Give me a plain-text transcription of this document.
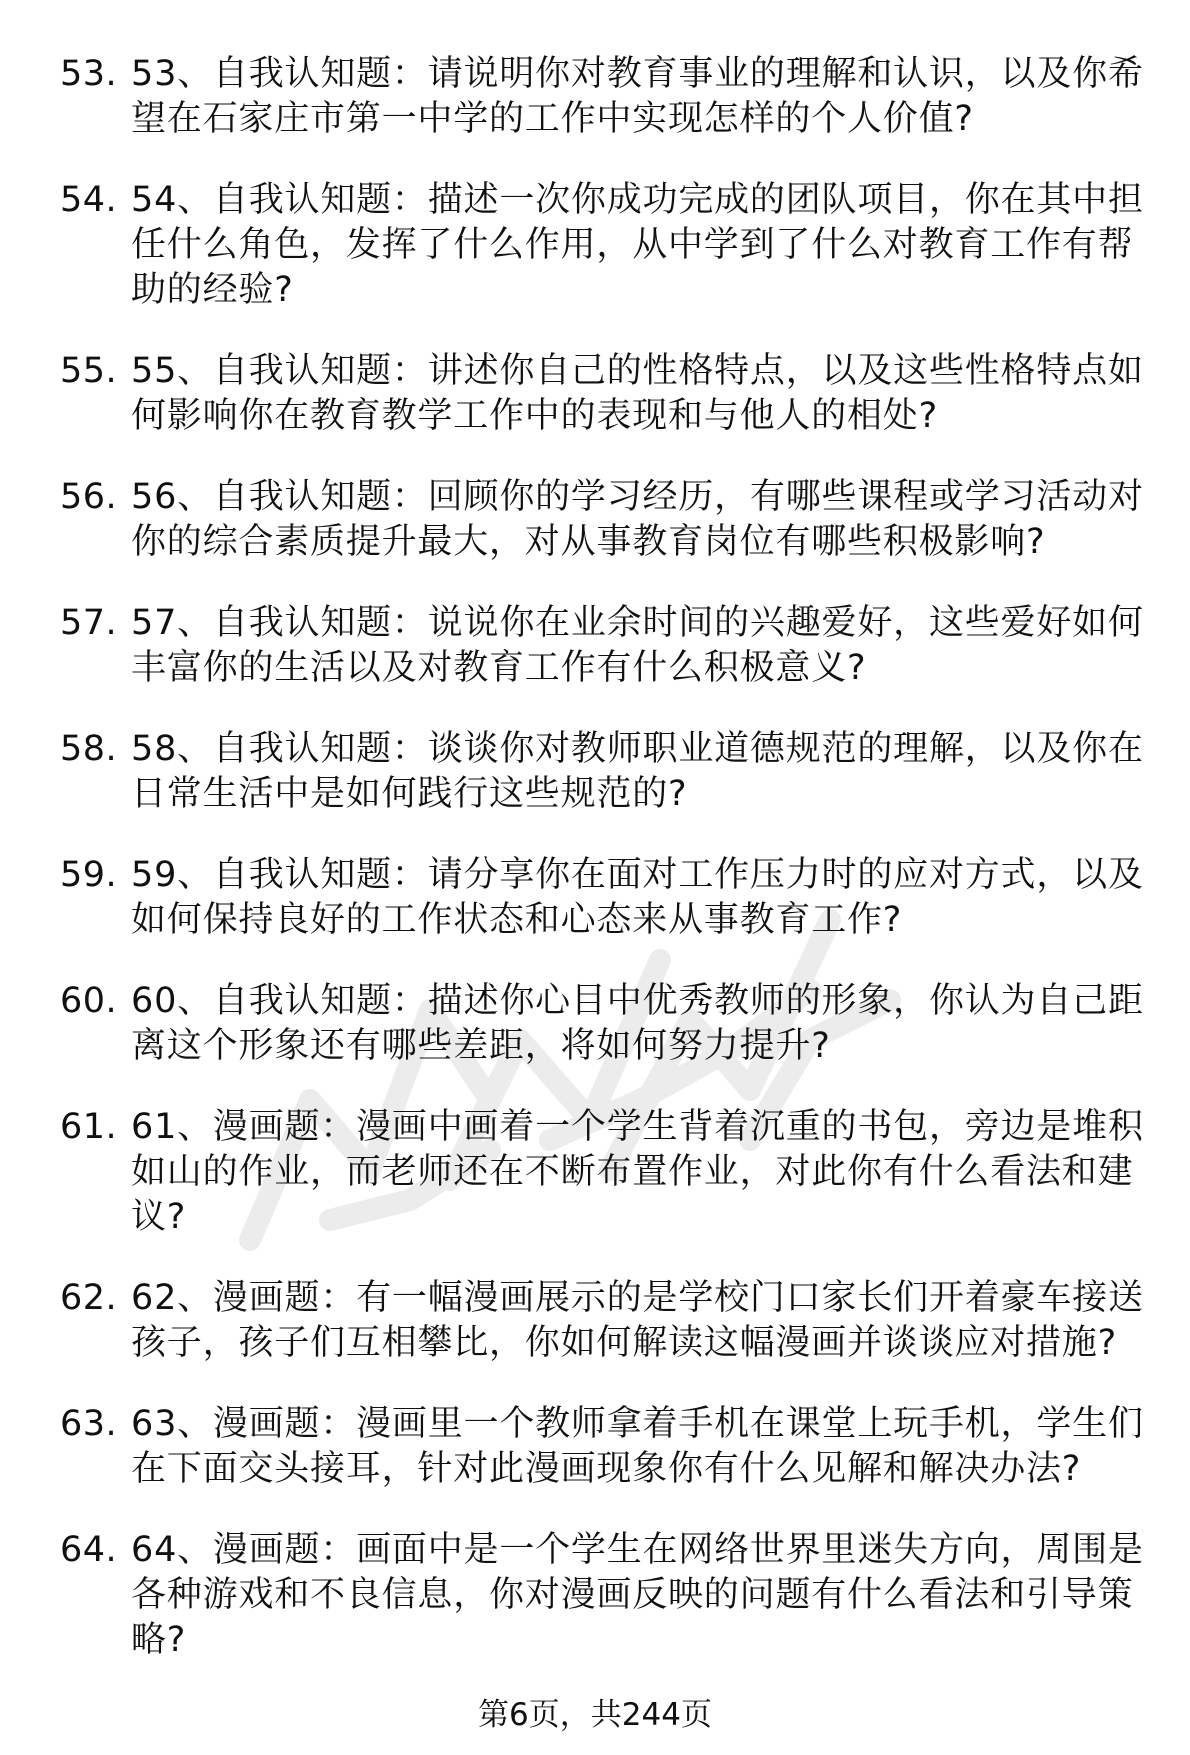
53. 53、自我认知题：请说明你对教育事业的理解和认识，以及你希望在石家庄市第一中学的工作中实现怎样的个人价值?
54. 54、自我认知题：描述一次你成功完成的团队项目，你在其中担任什么角色，发挥了什么作用，从中学到了什么对教育工作有帮助的经验?
55. 55、自我认知题：讲述你自己的性格特点，以及这些性格特点如何影响你在教育教学工作中的表现和与他人的相处?
56. 56、自我认知题：回顾你的学习经历，有哪些课程或学习活动对你的综合素质提升最大，对从事教育岗位有哪些积极影响?
57. 57、自我认知题：说说你在业余时间的兴趣爱好，这些爱好如何丰富你的生活以及对教育工作有什么积极意义?
58. 58、自我认知题：谈谈你对教师职业道德规范的理解，以及你在日常生活中是如何践行这些规范的?
59. 59、自我认知题：请分享你在面对工作压力时的应对方式，以及如何保持良好的工作状态和心态来从事教育工作?
60. 60、自我认知题：描述你心目中优秀教师的形象，你认为自己距离这个形象还有哪些差距，将如何努力提升?
61. 61、漫画题：漫画中画着一个学生背着沉重的书包，旁边是堆积如山的作业，而老师还在不断布置作业，对此你有什么看法和建议?
62. 62、漫画题：有一幅漫画展示的是学校门口家长们开着豪车接送孩子，孩子们互相攀比，你如何解读这幅漫画并谈谈应对措施?
63. 63、漫画题：漫画里一个教师拿着手机在课堂上玩手机，学生们在下面交头接耳，针对此漫画现象你有什么见解和解决办法?
64. 64、漫画题：画面中是一个学生在网络世界里迷失方向，周围是各种游戏和不良信息，你对漫画反映的问题有什么看法和引导策略?
第6页，共244页
